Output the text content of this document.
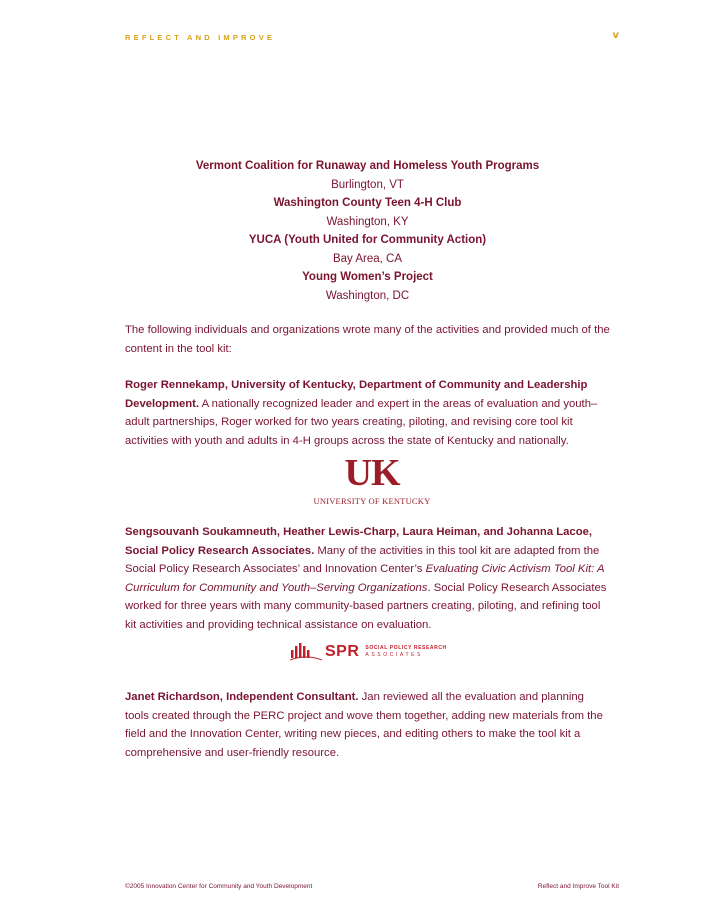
REFLECT AND IMPROVE	v
Vermont Coalition for Runaway and Homeless Youth Programs
Burlington, VT
Washington County Teen 4-H Club
Washington, KY
YUCA (Youth United for Community Action)
Bay Area, CA
Young Women’s Project
Washington, DC
The following individuals and organizations wrote many of the activities and provided much of the content in the tool kit:
Roger Rennekamp, University of Kentucky, Department of Community and Leadership Development. A nationally recognized leader and expert in the areas of evaluation and youth–adult partnerships, Roger worked for two years creating, piloting, and revising core tool kit activities with youth and adults in 4-H groups across the state of Kentucky and nationally.
UK
UNIVERSITY OF KENTUCKY
Sengsouvanh Soukamneuth, Heather Lewis-Charp, Laura Heiman, and Johanna Lacoe, Social Policy Research Associates. Many of the activities in this tool kit are adapted from the Social Policy Research Associates’ and Innovation Center’s Evaluating Civic Activism Tool Kit: A Curriculum for Community and Youth–Serving Organizations. Social Policy Research Associates worked for three years with many community-based partners creating, piloting, and refining tool kit activities and providing technical assistance on evaluation.
SPR SOCIAL POLICY RESEARCH
ASSOCIATES
Janet Richardson, Independent Consultant. Jan reviewed all the evaluation and planning tools created through the PERC project and wove them together, adding new materials from the field and the Innovation Center, writing new pieces, and editing others to make the tool kit a comprehensive and user-friendly resource.
©2005 Innovation Center for Community and Youth Development	Reflect and Improve Tool Kit
